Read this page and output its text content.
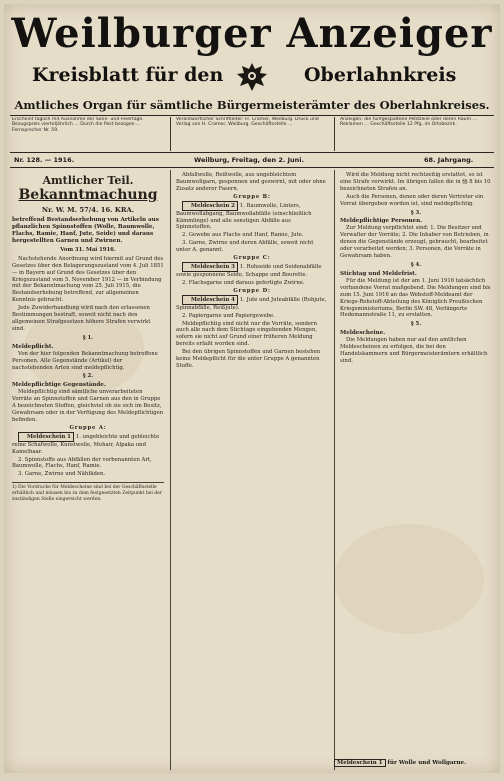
Weilburger Anzeiger
Kreisblatt für den	Oberlahnkreis
Amtliches Organ für sämtliche Bürgermeisterämter des Oberlahnkreises.
Erscheint täglich mit Ausnahme der Sonn- und Feiertage. Bezugspreis vierteljährlich … Durch die Post bezogen … Fernsprecher Nr. 59.
Verantwortlicher Schriftleiter: Fr. Cramer, Weilburg. Druck und Verlag von H. Cramer, Weilburg. Geschäftsstelle …
Anzeigen: die fünfgespaltene Petitzeile oder deren Raum … Reklamen … Geschäftsstelle 12 Pfg. im Ortsbezirk.
Nr. 128. — 1916.	Weilburg, Freitag, den 2. Juni.	68. Jahrgang.
Amtlicher Teil.
Bekanntmachung
Nr. W. M. 57/4. 16. KRA.
betreffend Bestandserhebung von Artikeln aus pflanzlichen Spinnstoffen (Wolle, Baumwolle, Flachs, Ramie, Hanf, Jute, Seide) und daraus hergestellten Garnen und Zwirnen.
Vom 31. Mai 1916.

Nachstehende Anordnung wird hiermit auf Grund des Gesetzes über den Belagerungszustand vom 4. Juli 1851 — in Bayern auf Grund des Gesetzes über den Kriegszustand vom 5. November 1912 — in Verbindung mit der Bekanntmachung vom 25. Juli 1915, die Bestandserhebung betreffend, zur allgemeinen Kenntnis gebracht.

Jede Zuwiderhandlung wird nach den erlassenen Bestimmungen bestraft, soweit nicht nach den allgemeinen Strafgesetzen höhere Strafen verwirkt sind.

§ 1.
Meldepflicht.

Von der hier folgenden Bekanntmachung betroffene Personen. Alle Gegenstände (Artikel) der nachstehenden Arten sind meldepflichtig.

§ 2.
Meldepflichtige Gegenstände.

Meldepflichtig sind sämtliche unverarbeiteten Vorräte an Spinnstoffen und Garnen aus den in Gruppe A bezeichneten Stoffen, gleichviel ob sie sich im Besitz, Gewahrsam oder in der Verfügung des Meldepflichtigen befinden.

Gruppe A:

Meldeschein 1 1. ungebleichte und gebleichte reine Schafwolle, Kunstwolle, Mohair, Alpaka und Kamelhaar.

2. Spinnstoffe aus Abfällen der vorbenannten Art, Baumwolle, Flachs, Hanf, Ramie.

3. Garne, Zwirne und Nähfäden.

1) Die Vordrucke für Meldescheine sind bei der Geschäftsstelle erhältlich und müssen bis zu dem festgesetzten Zeitpunkt bei der zuständigen Stelle eingereicht werden.

Abfallwolle, Reißwolle, aus ungebleichtem Baumwollgarn, gesponnen und gezwirnt, mit oder ohne Zusatz anderer Fasern.

Gruppe B:

Meldeschein 2 1. Baumwolle, Linters, Baumwollabgang, Baumwollabfälle (einschließlich Kämmlinge) und alle sonstigen Abfälle aus Spinnstoffen.

2. Gewebe aus Flachs und Hanf, Ramie, Jute.

3. Garne, Zwirne und deren Abfälle, soweit nicht unter A. genannt.

Gruppe C:

Meldeschein 3 1. Rohseide und Seidenabfälle sowie gesponnene Seide, Schappe und Bourette.

2. Flachsgarne und daraus gefertigte Zwirne.

Gruppe D:

Meldeschein 4 1. Jute und Juteabfälle (Rohjute, Spinnabfälle, Reißjute).

2. Papiergarne und Papiergewebe.

Meldepflichtig sind nicht nur die Vorräte, sondern auch alle nach dem Stichtage eingehenden Mengen, sofern sie nicht auf Grund einer früheren Meldung bereits erfaßt worden sind.

Bei den übrigen Spinnstoffen und Garnen bestehen keine Meldepflicht für die unter Gruppe A genannten Stoffe.

Wird die Meldung nicht rechtzeitig erstattet, so ist eine Strafe verwirkt. Im übrigen fallen die in §§ 8 bis 10 bezeichneten Strafen an.

Auch die Personen, denen oder deren Vertreter ein Vorrat übergeben worden ist, sind meldepflichtig.

§ 3.
Meldepflichtige Personen.

Zur Meldung verpflichtet sind: 1. Die Besitzer und Verwalter der Vorräte; 2. Die Inhaber von Betrieben, in denen die Gegenstände erzeugt, gebraucht, bearbeitet oder verarbeitet werden; 3. Personen, die Vorräte in Gewahrsam haben.

§ 4.
Stichtag und Meldefrist.

Für die Meldung ist der am 1. Juni 1916 tatsächlich vorhandene Vorrat maßgebend. Die Meldungen sind bis zum 15. Juni 1916 an das Webstoff-Meldeamt der Kriegs-Rohstoff-Abteilung des Königlich Preußischen Kriegsministeriums, Berlin SW. 48, Verlängerte Hedemannstraße 11, zu erstatten.

§ 5.
Meldescheine.

Die Meldungen haben nur auf den amtlichen Meldescheinen zu erfolgen, die bei den Handelskammern und Bürgermeisterämtern erhältlich sind.

Meldeschein 1 für Wolle und Wollgarne.
